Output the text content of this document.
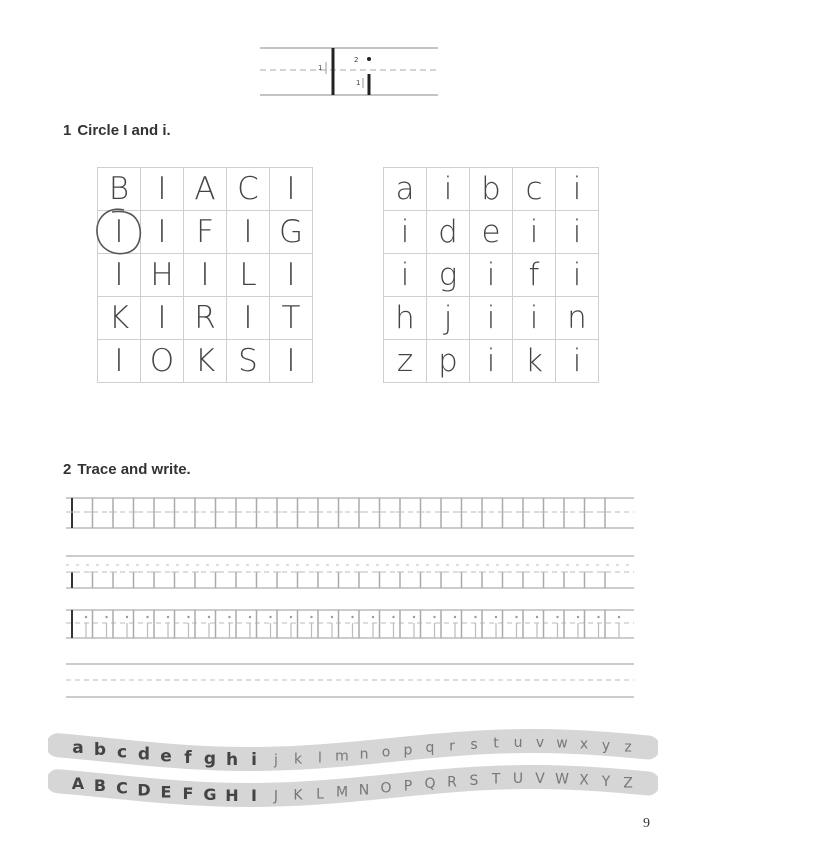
1
2
1
1 Circle I and i.
B	I	A	C	I
I	I	F	I	G
I	H	I	L	I
K	I	R	I	T
I	O	K	S	I
a	i	b	c	i
i	d	e	i	i
i	g	i	f	i
h	j	i	i	n
z	p	i	k	i
2 Trace and write.
a b c d e f g h i j k l m n o p q r s t u v w x y z
A B C D E F G H I J K L M N O P Q R S T U V W X Y Z
9
